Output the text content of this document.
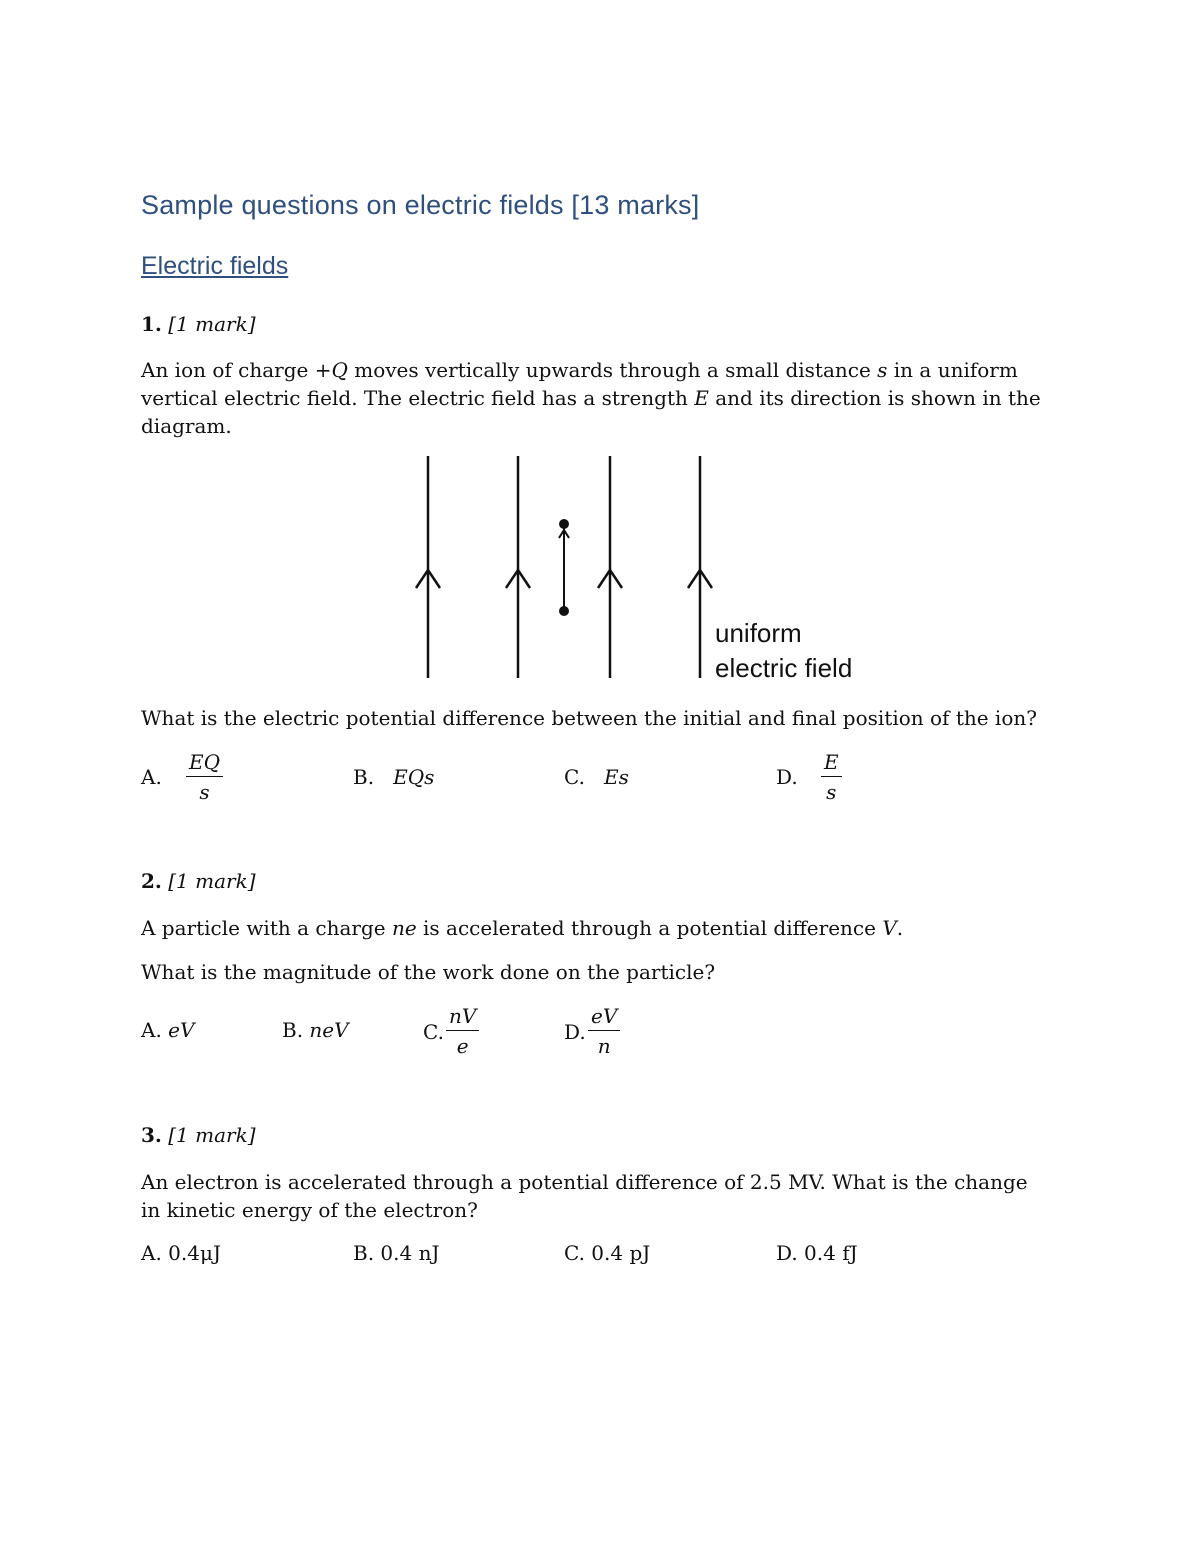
Sample questions on electric fields [13 marks]
Electric fields
1. [1 mark]
An ion of charge +Q moves vertically upwards through a small distance s in a uniform vertical electric field. The electric field has a strength E and its direction is shown in the diagram.
uniform
electric field
What is the electric potential difference between the initial and final position of the ion?
A. $\frac{EQ}{s}$	B. EQs	C. Es	D. $\frac{E}{s}$
2. [1 mark]
A particle with a charge ne is accelerated through a potential difference V.
What is the magnitude of the work done on the particle?
A. eV	B. neV	C. $\frac{nV}{e}$	D. $\frac{eV}{n}$
3. [1 mark]
An electron is accelerated through a potential difference of 2.5 MV. What is the change in kinetic energy of the electron?
A. 0.4μJ	B. 0.4 nJ	C. 0.4 pJ	D. 0.4 fJ
